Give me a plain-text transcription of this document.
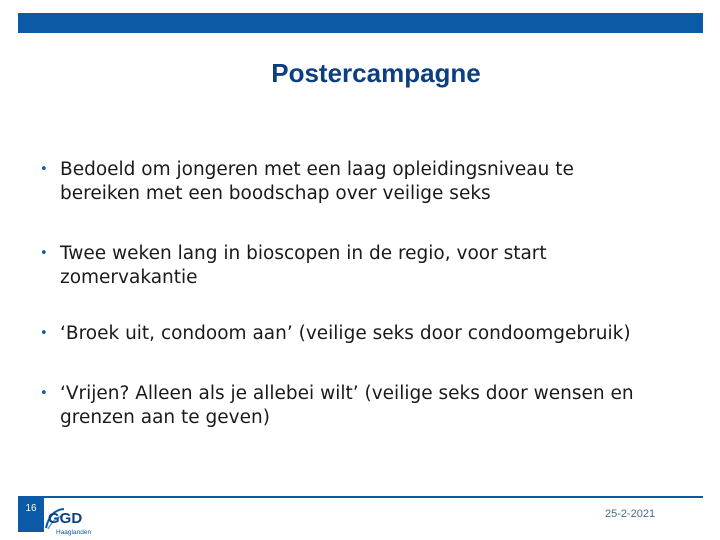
Postercampagne
• Bedoeld om jongeren met een laag opleidingsniveau te
bereiken met een boodschap over veilige seks
• Twee weken lang in bioscopen in de regio, voor start
zomervakantie
• ‘Broek uit, condoom aan’ (veilige seks door condoomgebruik)
• ‘Vrijen? Alleen als je allebei wilt’ (veilige seks door wensen en
grenzen aan te geven)
16
GGD
Haaglanden
25-2-2021
